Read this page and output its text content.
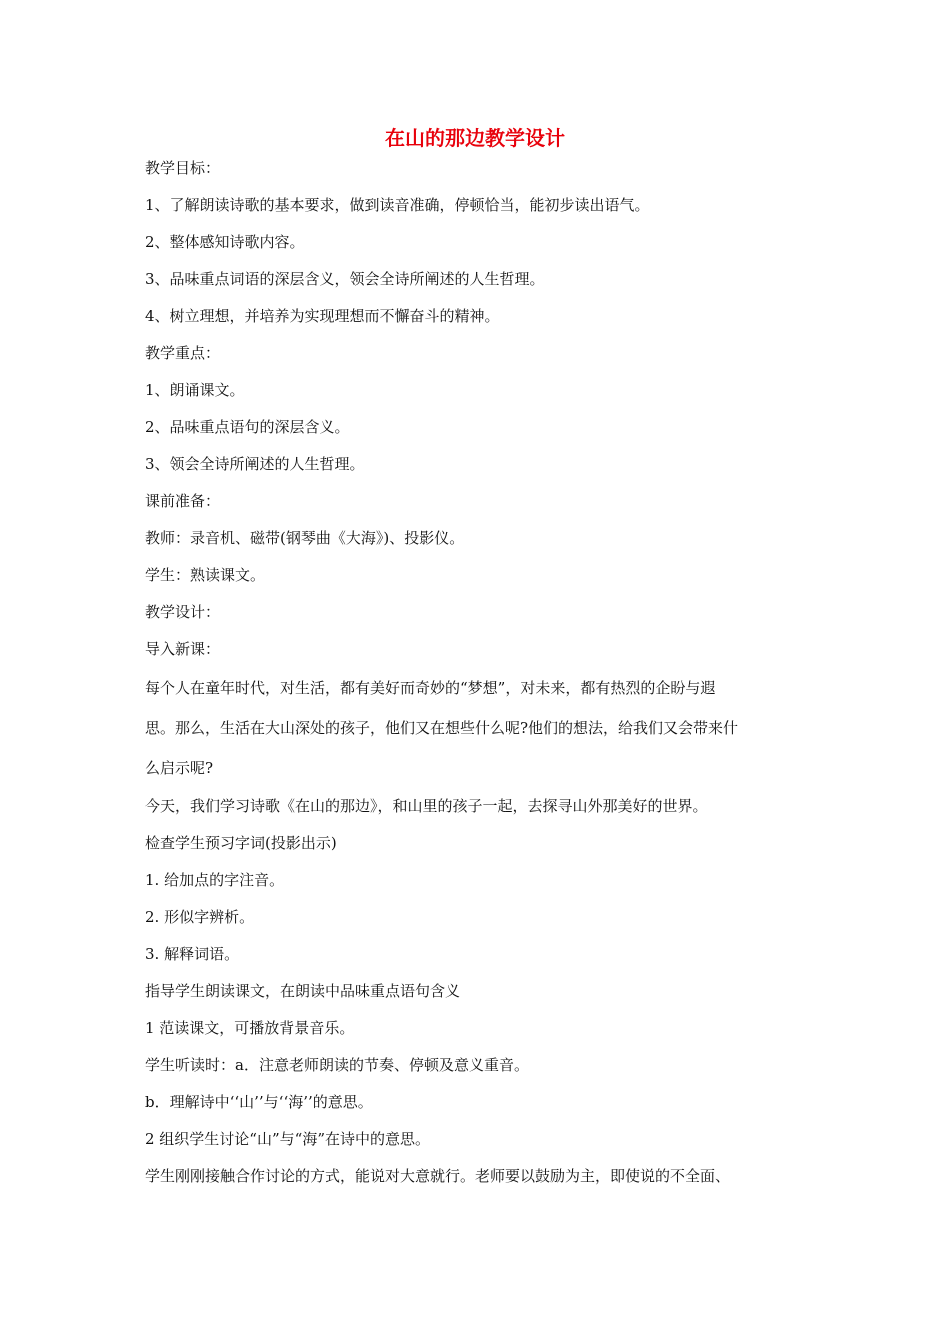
在山的那边教学设计
教学目标：
1、了解朗读诗歌的基本要求，做到读音准确，停顿恰当，能初步读出语气。
2、整体感知诗歌内容。
3、品味重点词语的深层含义，领会全诗所阐述的人生哲理。
4、树立理想，并培养为实现理想而不懈奋斗的精神。
教学重点：
1、朗诵课文。
2、品味重点语句的深层含义。
3、领会全诗所阐述的人生哲理。
课前准备：
教师：录音机、磁带(钢琴曲《大海》)、投影仪。
学生：熟读课文。
教学设计：
导入新课：
每个人在童年时代，对生活，都有美好而奇妙的“梦想”，对未来，都有热烈的企盼与遐
思。那么，生活在大山深处的孩子，他们又在想些什么呢?他们的想法，给我们又会带来什
么启示呢?
今天，我们学习诗歌《在山的那边》，和山里的孩子一起，去探寻山外那美好的世界。
检查学生预习字词(投影出示)
1. 给加点的字注音。
2. 形似字辨析。
3. 解释词语。
指导学生朗读课文，在朗读中品味重点语句含义
1 范读课文，可播放背景音乐。
学生听读时：a．注意老师朗读的节奏、停顿及意义重音。
b．理解诗中‘‘山’’与‘‘海’’的意思。
2 组织学生讨论“山”与“海”在诗中的意思。
学生刚刚接触合作讨论的方式，能说对大意就行。老师要以鼓励为主，即使说的不全面、
